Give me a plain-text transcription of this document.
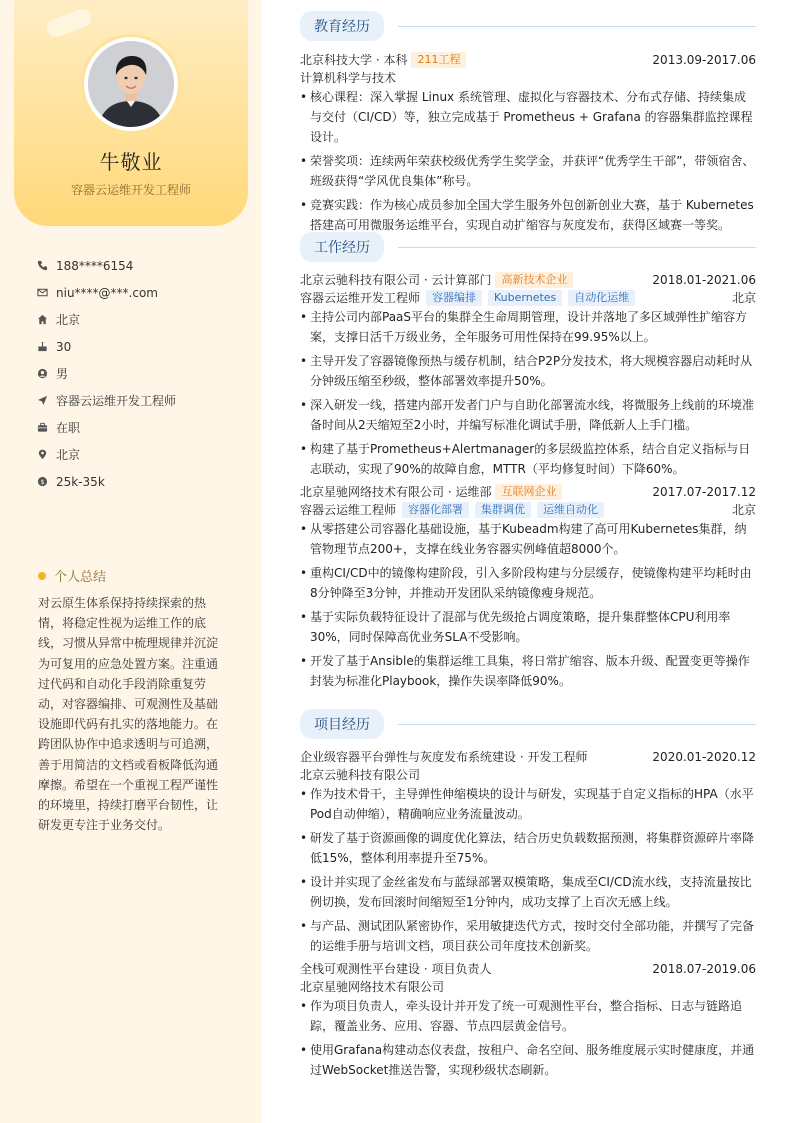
牛敬业
容器云运维开发工程师
188****6154
niu****@***.com
北京
30
男
容器云运维开发工程师
在职
北京
$ 25k-35k
个人总结
对云原生体系保持持续探索的热情，将稳定性视为运维工作的底线，习惯从异常中梳理规律并沉淀为可复用的应急处置方案。注重通过代码和自动化手段消除重复劳动，对容器编排、可观测性及基础设施即代码有扎实的落地能力。在跨团队协作中追求透明与可追溯，善于用简洁的文档或看板降低沟通摩擦。希望在一个重视工程严谨性的环境里，持续打磨平台韧性，让研发更专注于业务交付。
教育经历
北京科技大学 · 本科 211工程	2013.09-2017.06
计算机科学与技术
• 核心课程：深入掌握 Linux 系统管理、虚拟化与容器技术、分布式存储、持续集成与交付（CI/CD）等，独立完成基于 Prometheus + Grafana 的容器集群监控课程设计。
• 荣誉奖项：连续两年荣获校级优秀学生奖学金，并获评“优秀学生干部”，带领宿舍、班级获得“学风优良集体”称号。
• 竞赛实践：作为核心成员参加全国大学生服务外包创新创业大赛，基于 Kubernetes 搭建高可用微服务运维平台，实现自动扩缩容与灰度发布，获得区域赛一等奖。
工作经历
北京云驰科技有限公司 · 云计算部门 高新技术企业	2018.01-2021.06
容器云运维开发工程师	容器编排	Kubernetes	自动化运维	北京
• 主持公司内部PaaS平台的集群全生命周期管理，设计并落地了多区域弹性扩缩容方案，支撑日活千万级业务，全年服务可用性保持在99.95%以上。
• 主导开发了容器镜像预热与缓存机制，结合P2P分发技术，将大规模容器启动耗时从分钟级压缩至秒级，整体部署效率提升50%。
• 深入研发一线，搭建内部开发者门户与自助化部署流水线，将微服务上线前的环境准备时间从2天缩短至2小时，并编写标准化调试手册，降低新人上手门槛。
• 构建了基于Prometheus+Alertmanager的多层级监控体系，结合自定义指标与日志联动，实现了90%的故障自愈，MTTR（平均修复时间）下降60%。
北京星驰网络技术有限公司 · 运维部 互联网企业	2017.07-2017.12
容器云运维工程师	容器化部署	集群调优	运维自动化	北京
• 从零搭建公司容器化基础设施，基于Kubeadm构建了高可用Kubernetes集群，纳管物理节点200+，支撑在线业务容器实例峰值超8000个。
• 重构CI/CD中的镜像构建阶段，引入多阶段构建与分层缓存，使镜像构建平均耗时由8分钟降至3分钟，并推动开发团队采纳镜像瘦身规范。
• 基于实际负载特征设计了混部与优先级抢占调度策略，提升集群整体CPU利用率30%，同时保障高优业务SLA不受影响。
• 开发了基于Ansible的集群运维工具集，将日常扩缩容、版本升级、配置变更等操作封装为标准化Playbook，操作失误率降低90%。
项目经历
企业级容器平台弹性与灰度发布系统建设 · 开发工程师	2020.01-2020.12
北京云驰科技有限公司
• 作为技术骨干，主导弹性伸缩模块的设计与研发，实现基于自定义指标的HPA（水平Pod自动伸缩），精确响应业务流量波动。
• 研发了基于资源画像的调度优化算法，结合历史负载数据预测，将集群资源碎片率降低15%，整体利用率提升至75%。
• 设计并实现了金丝雀发布与蓝绿部署双模策略，集成至CI/CD流水线，支持流量按比例切换，发布回滚时间缩短至1分钟内，成功支撑了上百次无感上线。
• 与产品、测试团队紧密协作，采用敏捷迭代方式，按时交付全部功能，并撰写了完备的运维手册与培训文档，项目获公司年度技术创新奖。
全栈可观测性平台建设 · 项目负责人	2018.07-2019.06
北京星驰网络技术有限公司
• 作为项目负责人，牵头设计并开发了统一可观测性平台，整合指标、日志与链路追踪，覆盖业务、应用、容器、节点四层黄金信号。
• 使用Grafana构建动态仪表盘，按租户、命名空间、服务维度展示实时健康度，并通过WebSocket推送告警，实现秒级状态刷新。
